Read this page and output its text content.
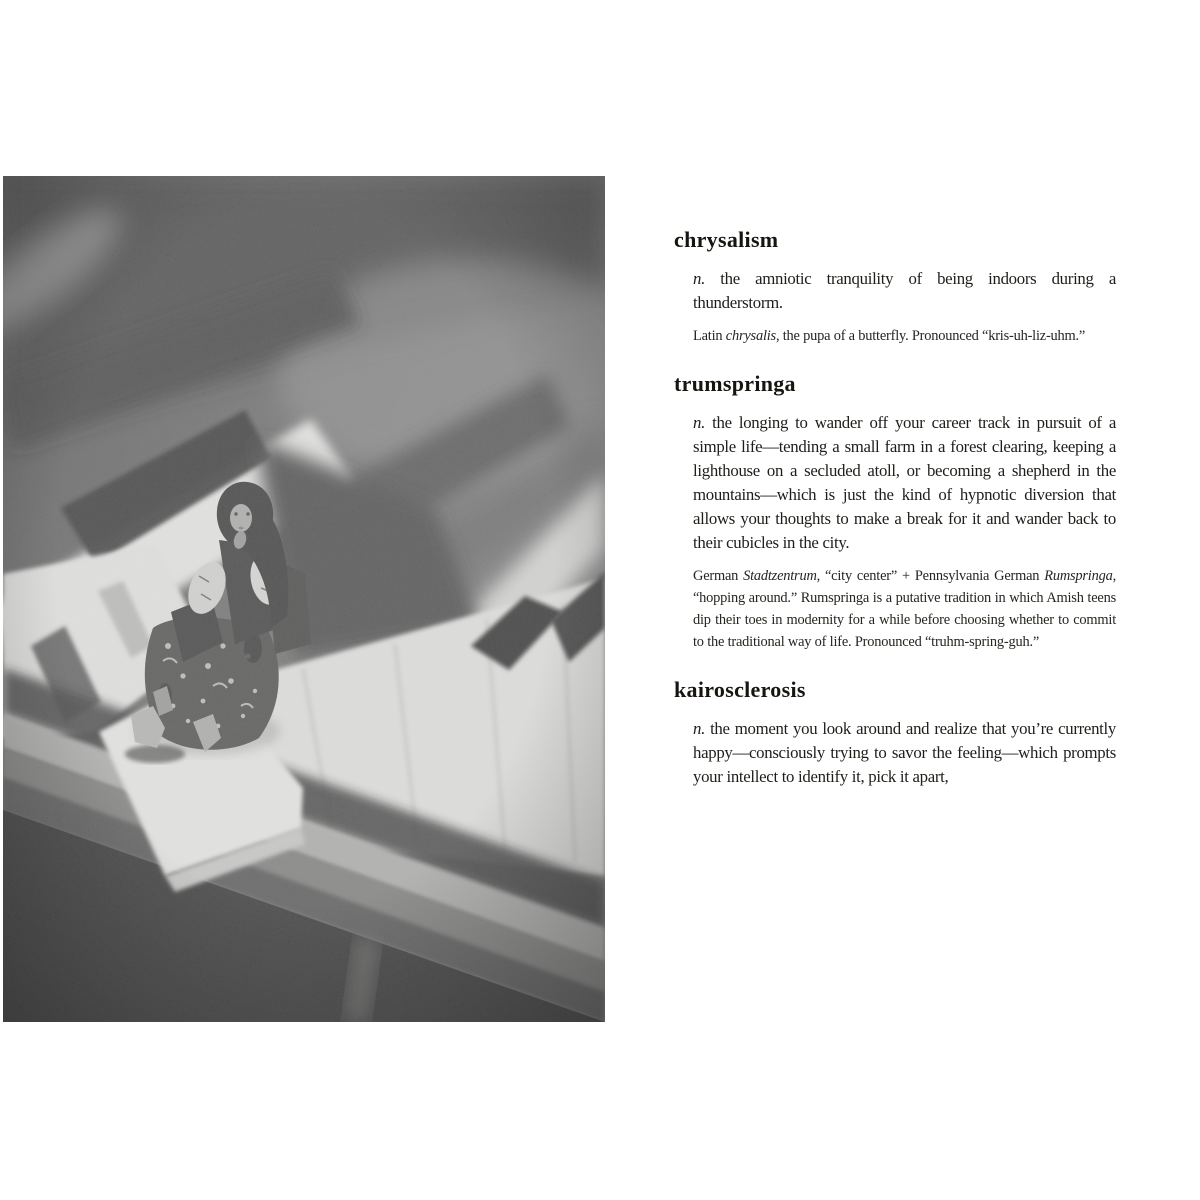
chrysalism

n. the amniotic tranquility of being indoors during a thunderstorm.

Latin chrysalis, the pupa of a butterfly. Pronounced “kris-uh-liz-uhm.”

trumspringa

n. the longing to wander off your career track in pursuit of a simple life—tending a small farm in a forest clearing, keeping a lighthouse on a secluded atoll, or becoming a shepherd in the mountains—which is just the kind of hypnotic diversion that allows your thoughts to make a break for it and wander back to their cubicles in the city.

German Stadtzentrum, “city center” + Pennsylvania German Rumspringa, “hopping around.” Rumspringa is a putative tradition in which Amish teens dip their toes in modernity for a while before choosing whether to commit to the traditional way of life. Pronounced “truhm-spring-guh.”

kairosclerosis

n. the moment you look around and realize that you’re currently happy—consciously trying to savor the feeling—which prompts your intellect to identify it, pick it apart,
